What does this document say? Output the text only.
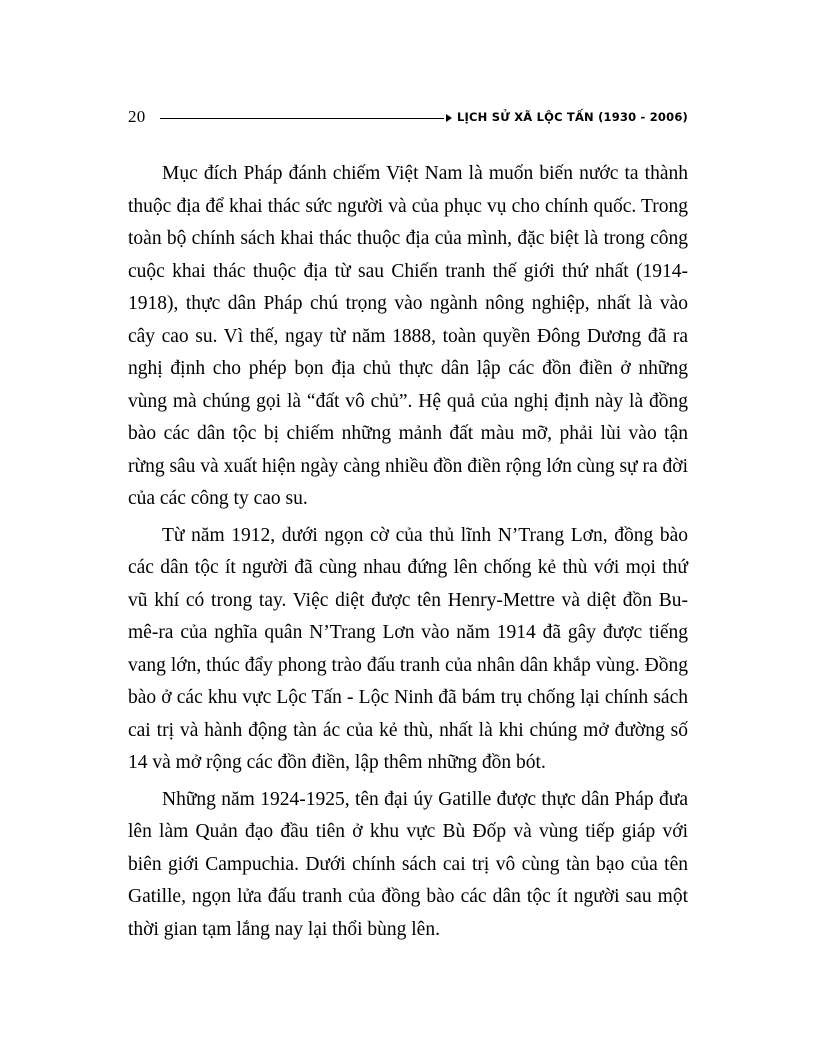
20	LỊCH SỬ XÃ LỘC TẤN (1930 - 2006)

Mục đích Pháp đánh chiếm Việt Nam là muốn biến nước ta thành thuộc địa để khai thác sức người và của phục vụ cho chính quốc. Trong toàn bộ chính sách khai thác thuộc địa của mình, đặc biệt là trong công cuộc khai thác thuộc địa từ sau Chiến tranh thế giới thứ nhất (1914-1918), thực dân Pháp chú trọng vào ngành nông nghiệp, nhất là vào cây cao su. Vì thế, ngay từ năm 1888, toàn quyền Đông Dương đã ra nghị định cho phép bọn địa chủ thực dân lập các đồn điền ở những vùng mà chúng gọi là “đất vô chủ”. Hệ quả của nghị định này là đồng bào các dân tộc bị chiếm những mảnh đất màu mỡ, phải lùi vào tận rừng sâu và xuất hiện ngày càng nhiều đồn điền rộng lớn cùng sự ra đời của các công ty cao su.

Từ năm 1912, dưới ngọn cờ của thủ lĩnh N’Trang Lơn, đồng bào các dân tộc ít người đã cùng nhau đứng lên chống kẻ thù với mọi thứ vũ khí có trong tay. Việc diệt được tên Henry-Mettre và diệt đồn Bu-mê-ra của nghĩa quân N’Trang Lơn vào năm 1914 đã gây được tiếng vang lớn, thúc đẩy phong trào đấu tranh của nhân dân khắp vùng. Đồng bào ở các khu vực Lộc Tấn - Lộc Ninh đã bám trụ chống lại chính sách cai trị và hành động tàn ác của kẻ thù, nhất là khi chúng mở đường số 14 và mở rộng các đồn điền, lập thêm những đồn bót.

Những năm 1924-1925, tên đại úy Gatille được thực dân Pháp đưa lên làm Quản đạo đầu tiên ở khu vực Bù Đốp và vùng tiếp giáp với biên giới Campuchia. Dưới chính sách cai trị vô cùng tàn bạo của tên Gatille, ngọn lửa đấu tranh của đồng bào các dân tộc ít người sau một thời gian tạm lắng nay lại thổi bùng lên.
